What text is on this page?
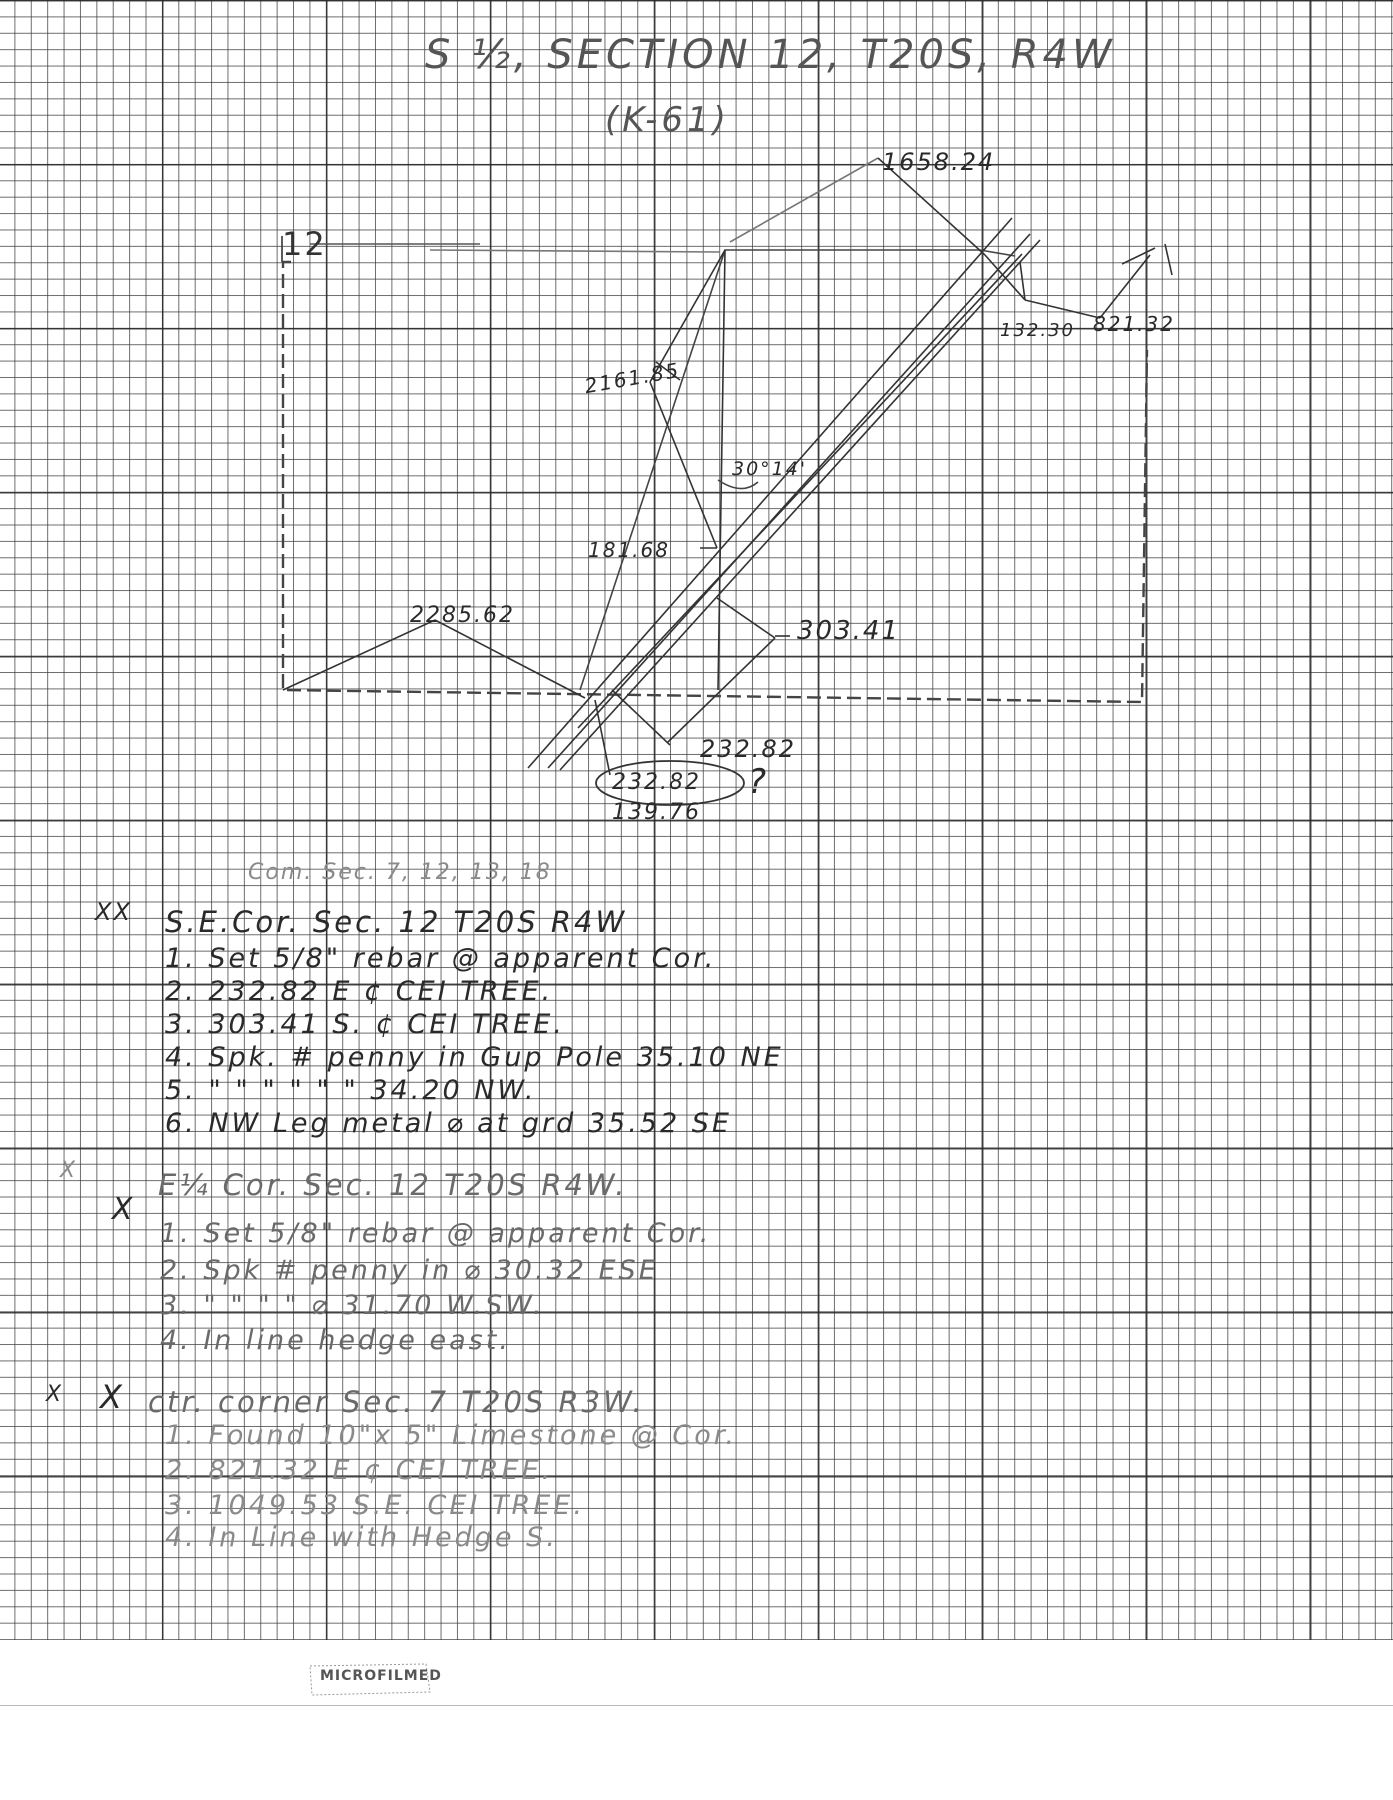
S ½, SECTION 12, T20S, R4W
(K-61)
12
1658.24
2161.85
132.30 821.32
30°14'
181.68
2285.62
303.41
232.82
232.82
139.76
?
Com. Sec. 7, 12, 13, 18
XX S.E.Cor. Sec. 12 T20S R4W
1. Set 5/8" rebar @ apparent Cor.
2. 232.82 E ¢ CEI TREE.
3. 303.41 S. ¢ CEI TREE.
4. Spk. # penny in Gup Pole 35.10 NE
5. " " " " " " 34.20 NW.
6. NW Leg metal ⌀ at grd 35.52 SE
X
X
E¼ Cor. Sec. 12 T20S R4W.
1. Set 5/8" rebar @ apparent Cor.
2. Spk # penny in ⌀ 30.32 ESE
3. " " " " ⌀ 31.70 W.SW.
4. In line hedge east.
X X ctr. corner Sec. 7 T20S R3W.
1. Found 10"x 5" Limestone @ Cor.
2. 821.32 E ¢ CEI TREE.
3. 1049.53 S.E. CEI TREE.
4. In Line with Hedge S.
MICROFILMED
